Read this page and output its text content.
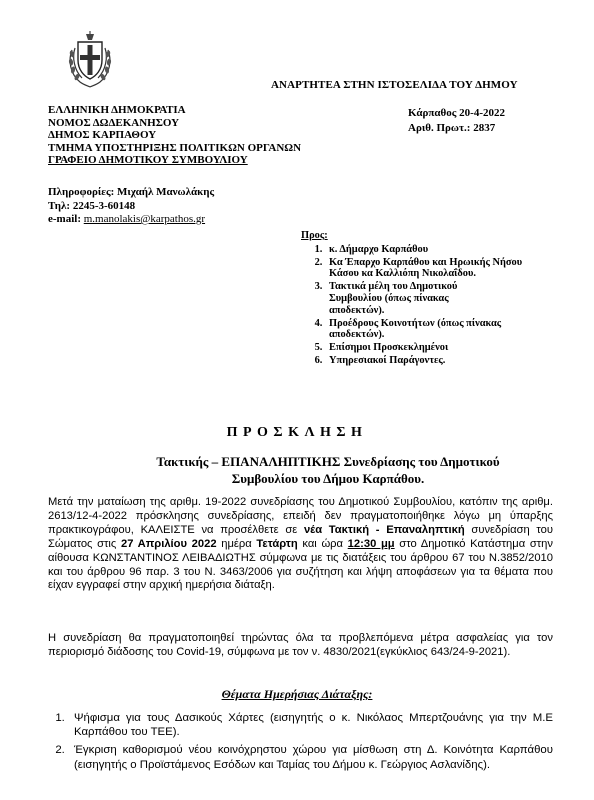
ΑΝΑΡΤΗΤΕΑ ΣΤΗΝ ΙΣΤΟΣΕΛΙΔΑ ΤΟΥ ΔΗΜΟΥ
ΕΛΛΗΝΙΚΗ ΔΗΜΟΚΡΑΤΙΑ
ΝΟΜΟΣ ΔΩΔΕΚΑΝΗΣΟΥ
ΔΗΜΟΣ ΚΑΡΠΑΘΟΥ
ΤΜΗΜΑ ΥΠΟΣΤΗΡΙΞΗΣ ΠΟΛΙΤΙΚΩΝ ΟΡΓΑΝΩΝ
ΓΡΑΦΕΙΟ ΔΗΜΟΤΙΚΟΥ ΣΥΜΒΟΥΛΙΟΥ
Κάρπαθος 20-4-2022
Αριθ. Πρωτ.: 2837
Πληροφορίες: Μιχαήλ Μανωλάκης
Τηλ: 2245-3-60148
e-mail: m.manolakis@karpathos.gr
Προς:
1. κ. Δήμαρχο Καρπάθου
2. Κα Έπαρχο Καρπάθου και Ηρωικής Νήσου Κάσου κα Καλλιόπη Νικολαΐδου.
3. Τακτικά μέλη του Δημοτικού Συμβουλίου (όπως πίνακας αποδεκτών).
4. Προέδρους Κοινοτήτων (όπως πίνακας αποδεκτών).
5. Επίσημοι Προσκεκλημένοι
6. Υπηρεσιακοί Παράγοντες.
ΠΡΟΣΚΛΗΣΗ
Τακτικής – ΕΠΑΝΑΛΗΠΤΙΚΗΣ Συνεδρίασης του Δημοτικού
Συμβουλίου του Δήμου Καρπάθου.
Μετά την ματαίωση της αριθμ. 19-2022 συνεδρίασης του Δημοτικού Συμβουλίου, κατόπιν της αριθμ. 2613/12-4-2022 πρόσκλησης συνεδρίασης, επειδή δεν πραγματοποιήθηκε λόγω μη ύπαρξης πρακτικογράφου, ΚΑΛΕΙΣΤΕ να προσέλθετε σε νέα Τακτική - Επαναληπτική συνεδρίαση του Σώματος στις 27 Απριλίου 2022 ημέρα Τετάρτη και ώρα 12:30 μμ στο Δημοτικό Κατάστημα στην αίθουσα ΚΩΝΣΤΑΝΤΙΝΟΣ ΛΕΙΒΑΔΙΩΤΗΣ σύμφωνα με τις διατάξεις του άρθρου 67 του Ν.3852/2010 και του άρθρου 96 παρ. 3 του Ν. 3463/2006 για συζήτηση και λήψη αποφάσεων για τα θέματα που είχαν εγγραφεί στην αρχική ημερήσια διάταξη.
Η συνεδρίαση θα πραγματοποιηθεί τηρώντας όλα τα προβλεπόμενα μέτρα ασφαλείας για τον περιορισμό διάδοσης του Covid-19, σύμφωνα με τον ν. 4830/2021(εγκύκλιος 643/24-9-2021).
Θέματα Ημερήσιας Διάταξης:
1. Ψήφισμα για τους Δασικούς Χάρτες (εισηγητής ο κ. Νικόλαος Μπερτζουάνης για την Μ.Ε Καρπάθου του ΤΕΕ).
2. Έγκριση καθορισμού νέου κοινόχρηστου χώρου για μίσθωση στη Δ. Κοινότητα Καρπάθου (εισηγητής ο Προϊστάμενος Εσόδων και Ταμίας του Δήμου κ. Γεώργιος Ασλανίδης).
